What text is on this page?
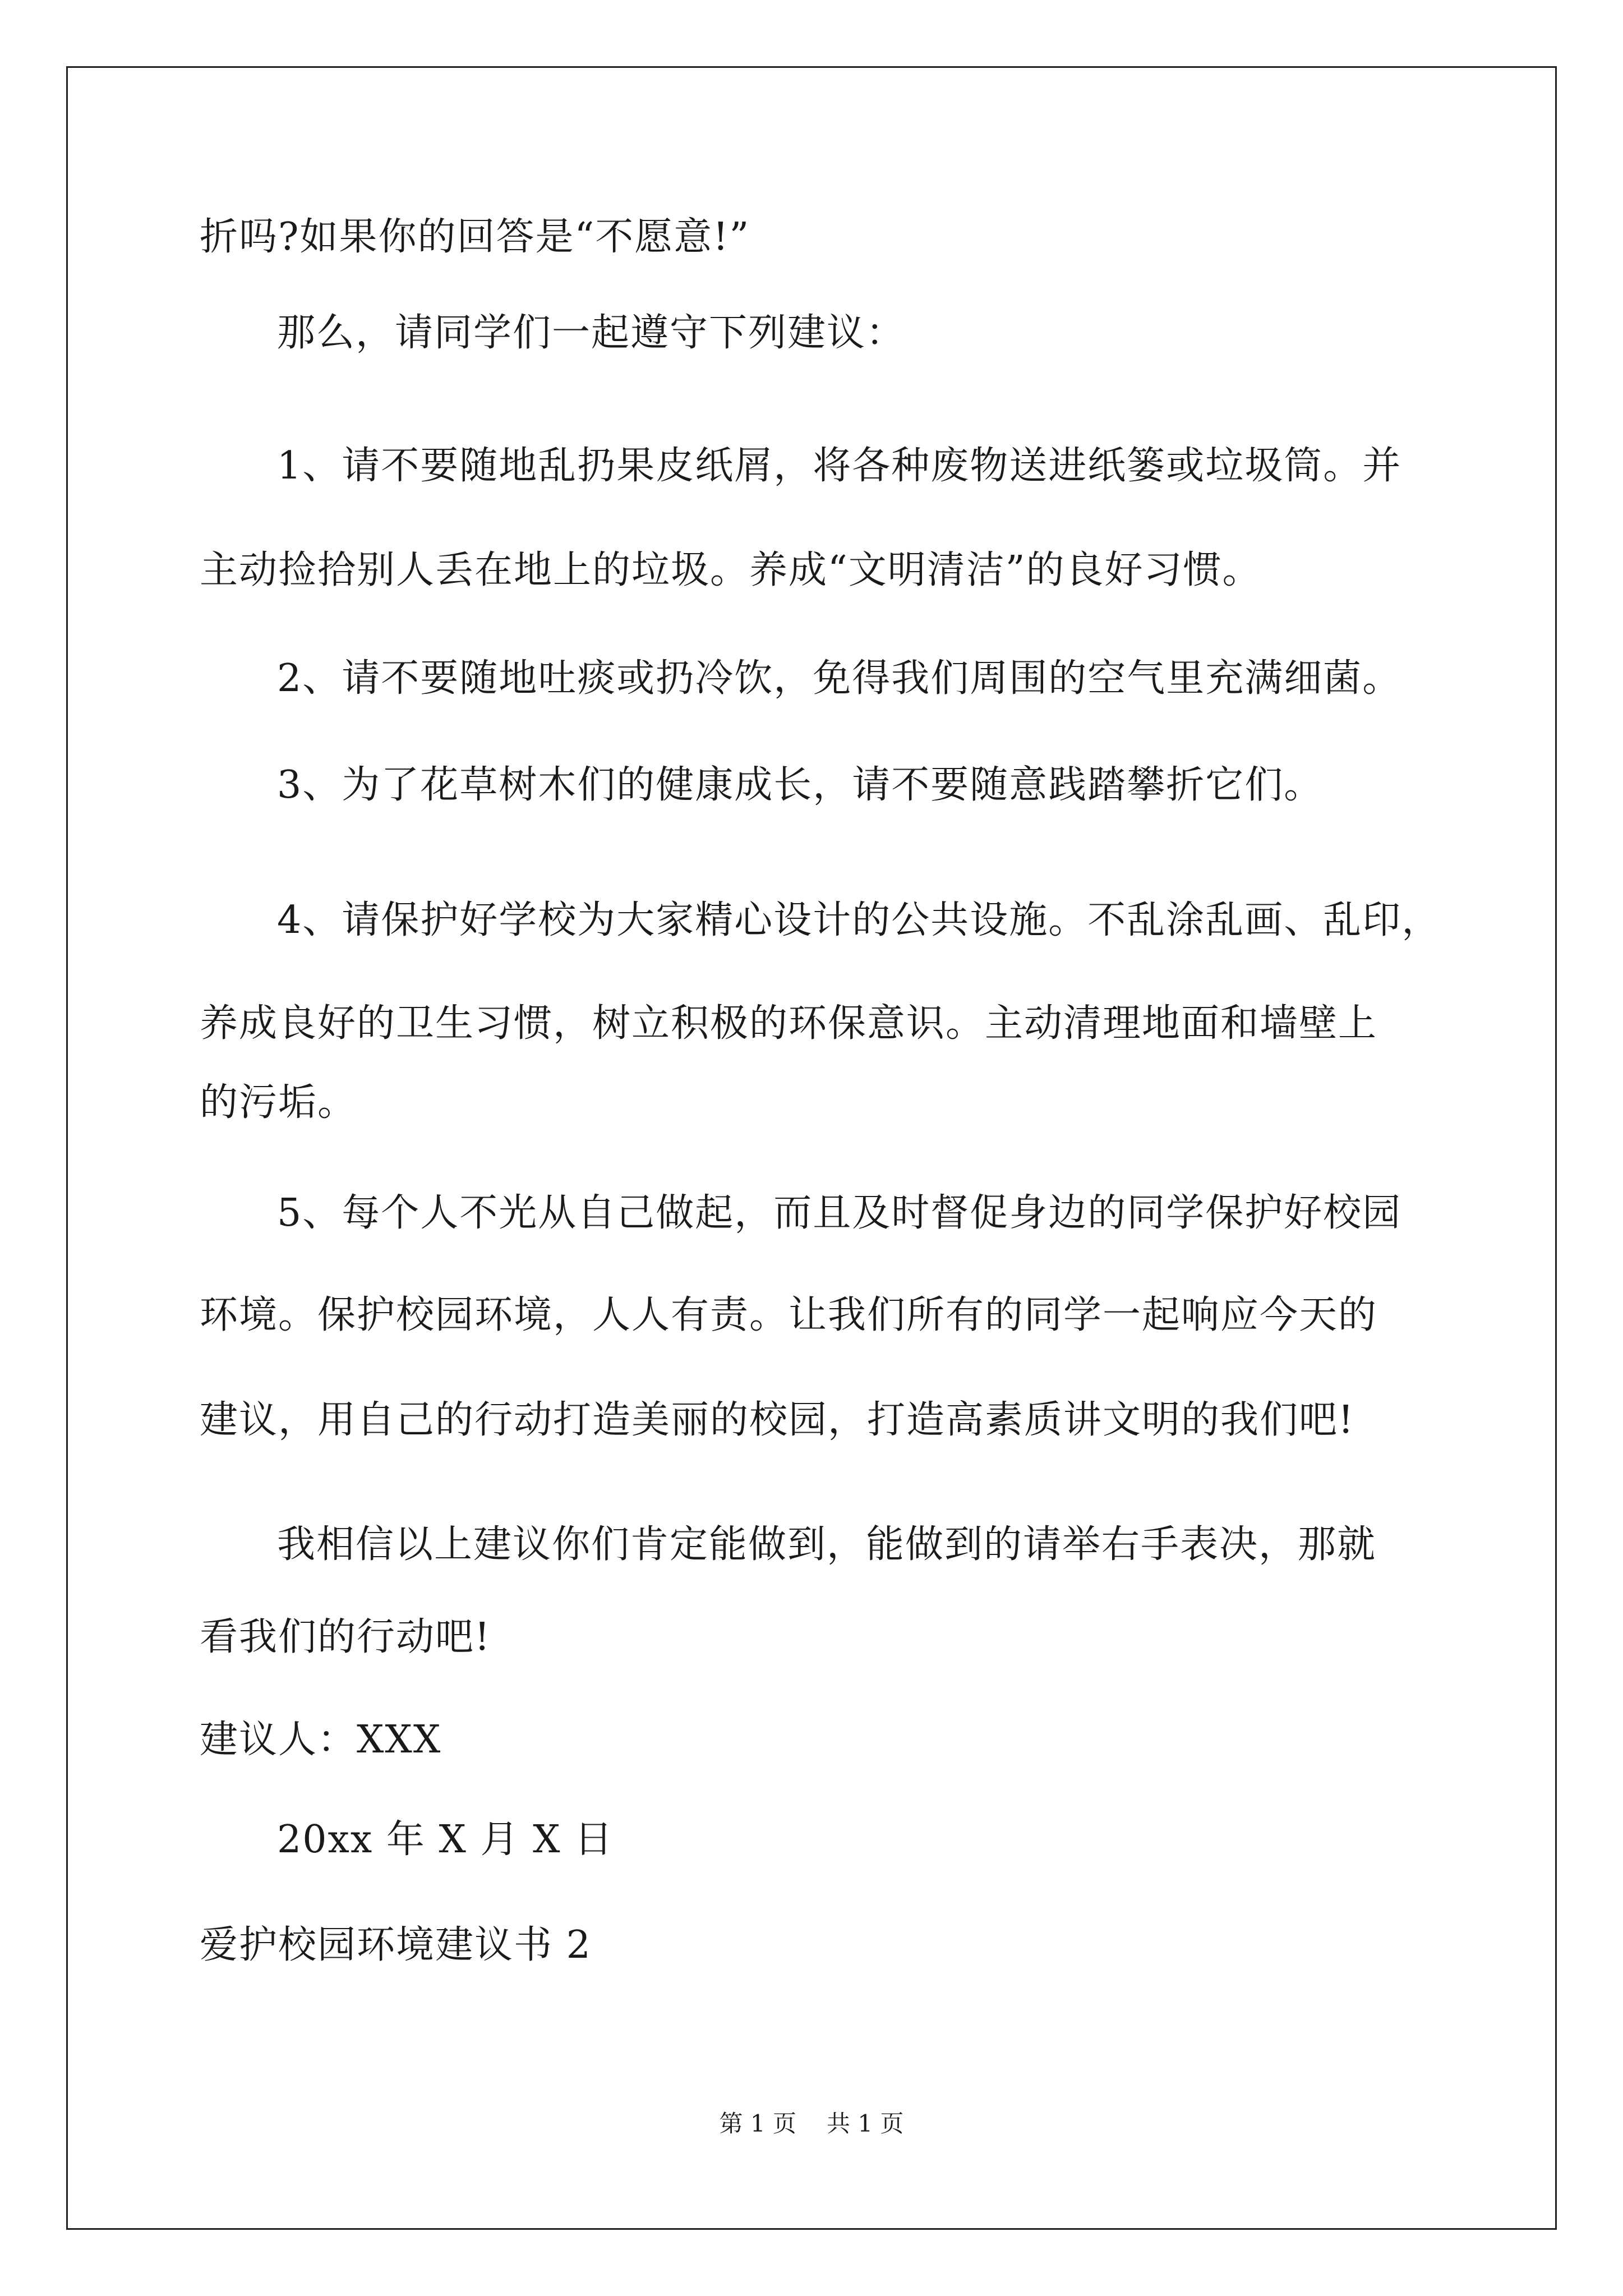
折吗?如果你的回答是“不愿意!”
那么，请同学们一起遵守下列建议：
1、请不要随地乱扔果皮纸屑，将各种废物送进纸篓或垃圾筒。并
主动捡拾别人丢在地上的垃圾。养成“文明清洁”的良好习惯。
2、请不要随地吐痰或扔冷饮，免得我们周围的空气里充满细菌。
3、为了花草树木们的健康成长，请不要随意践踏攀折它们。
4、请保护好学校为大家精心设计的公共设施。不乱涂乱画、乱印，
养成良好的卫生习惯，树立积极的环保意识。主动清理地面和墙壁上
的污垢。
5、每个人不光从自己做起，而且及时督促身边的同学保护好校园
环境。保护校园环境，人人有责。让我们所有的同学一起响应今天的
建议，用自己的行动打造美丽的校园，打造高素质讲文明的我们吧!
我相信以上建议你们肯定能做到，能做到的请举右手表决，那就
看我们的行动吧!
建议人：XXX
20xx 年 X 月 X 日
爱护校园环境建议书 2
第 1 页 共 1 页
